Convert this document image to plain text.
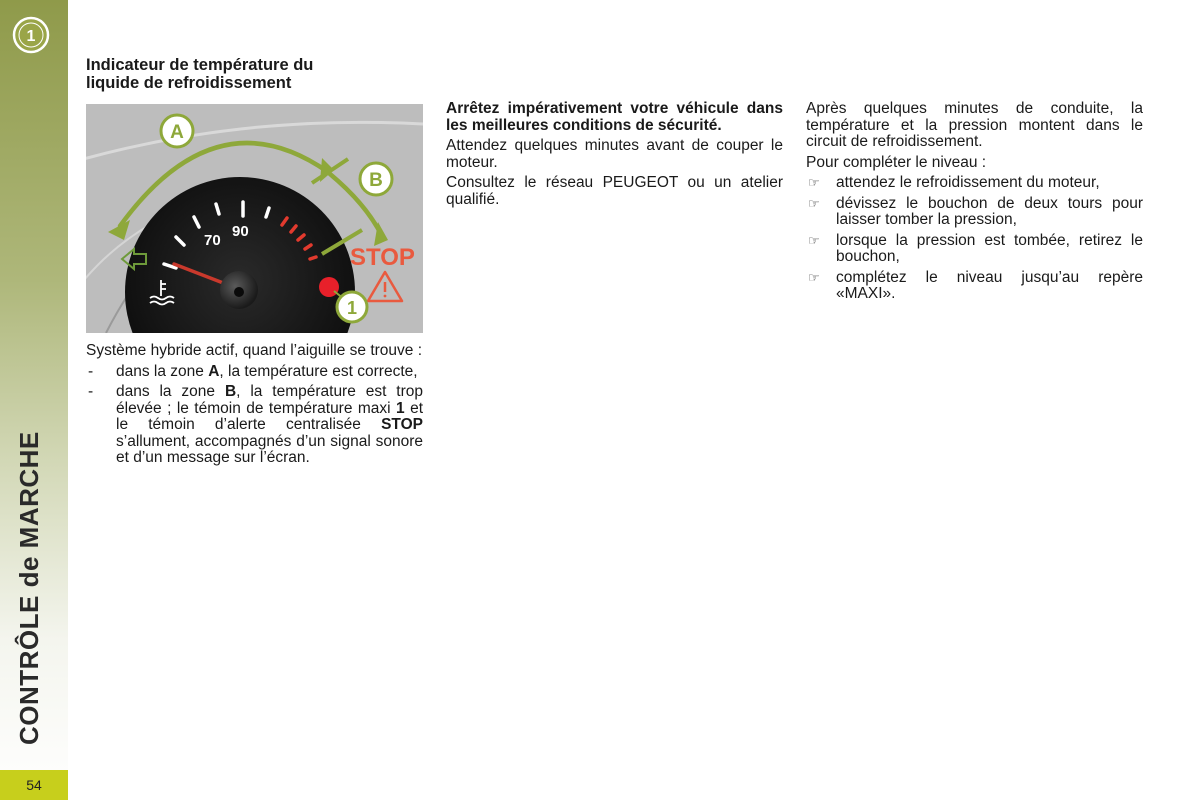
1
CONTRÔLE de MARCHE
54
Indicateur de température du
liquide de refroidissement
70
90
A
B
STOP
1

Système hybride actif, quand l’aiguille se trouve :

- dans la zone A, la température est correcte,
- dans la zone B, la température est trop élevée ; le témoin de température maxi 1 et le témoin d’alerte centralisée STOP s’allument, accompagnés d’un signal sonore et d’un message sur l’écran.

Arrêtez impérativement votre véhicule dans les meilleures conditions de sécurité.

Attendez quelques minutes avant de couper le moteur.

Consultez le réseau PEUGEOT ou un atelier qualifié.

Après quelques minutes de conduite, la température et la pression montent dans le circuit de refroidissement.

Pour compléter le niveau :

☞ attendez le refroidissement du moteur,
☞ dévissez le bouchon de deux tours pour laisser tomber la pression,
☞ lorsque la pression est tombée, retirez le bouchon,
☞ complétez le niveau jusqu’au repère «MAXI».
